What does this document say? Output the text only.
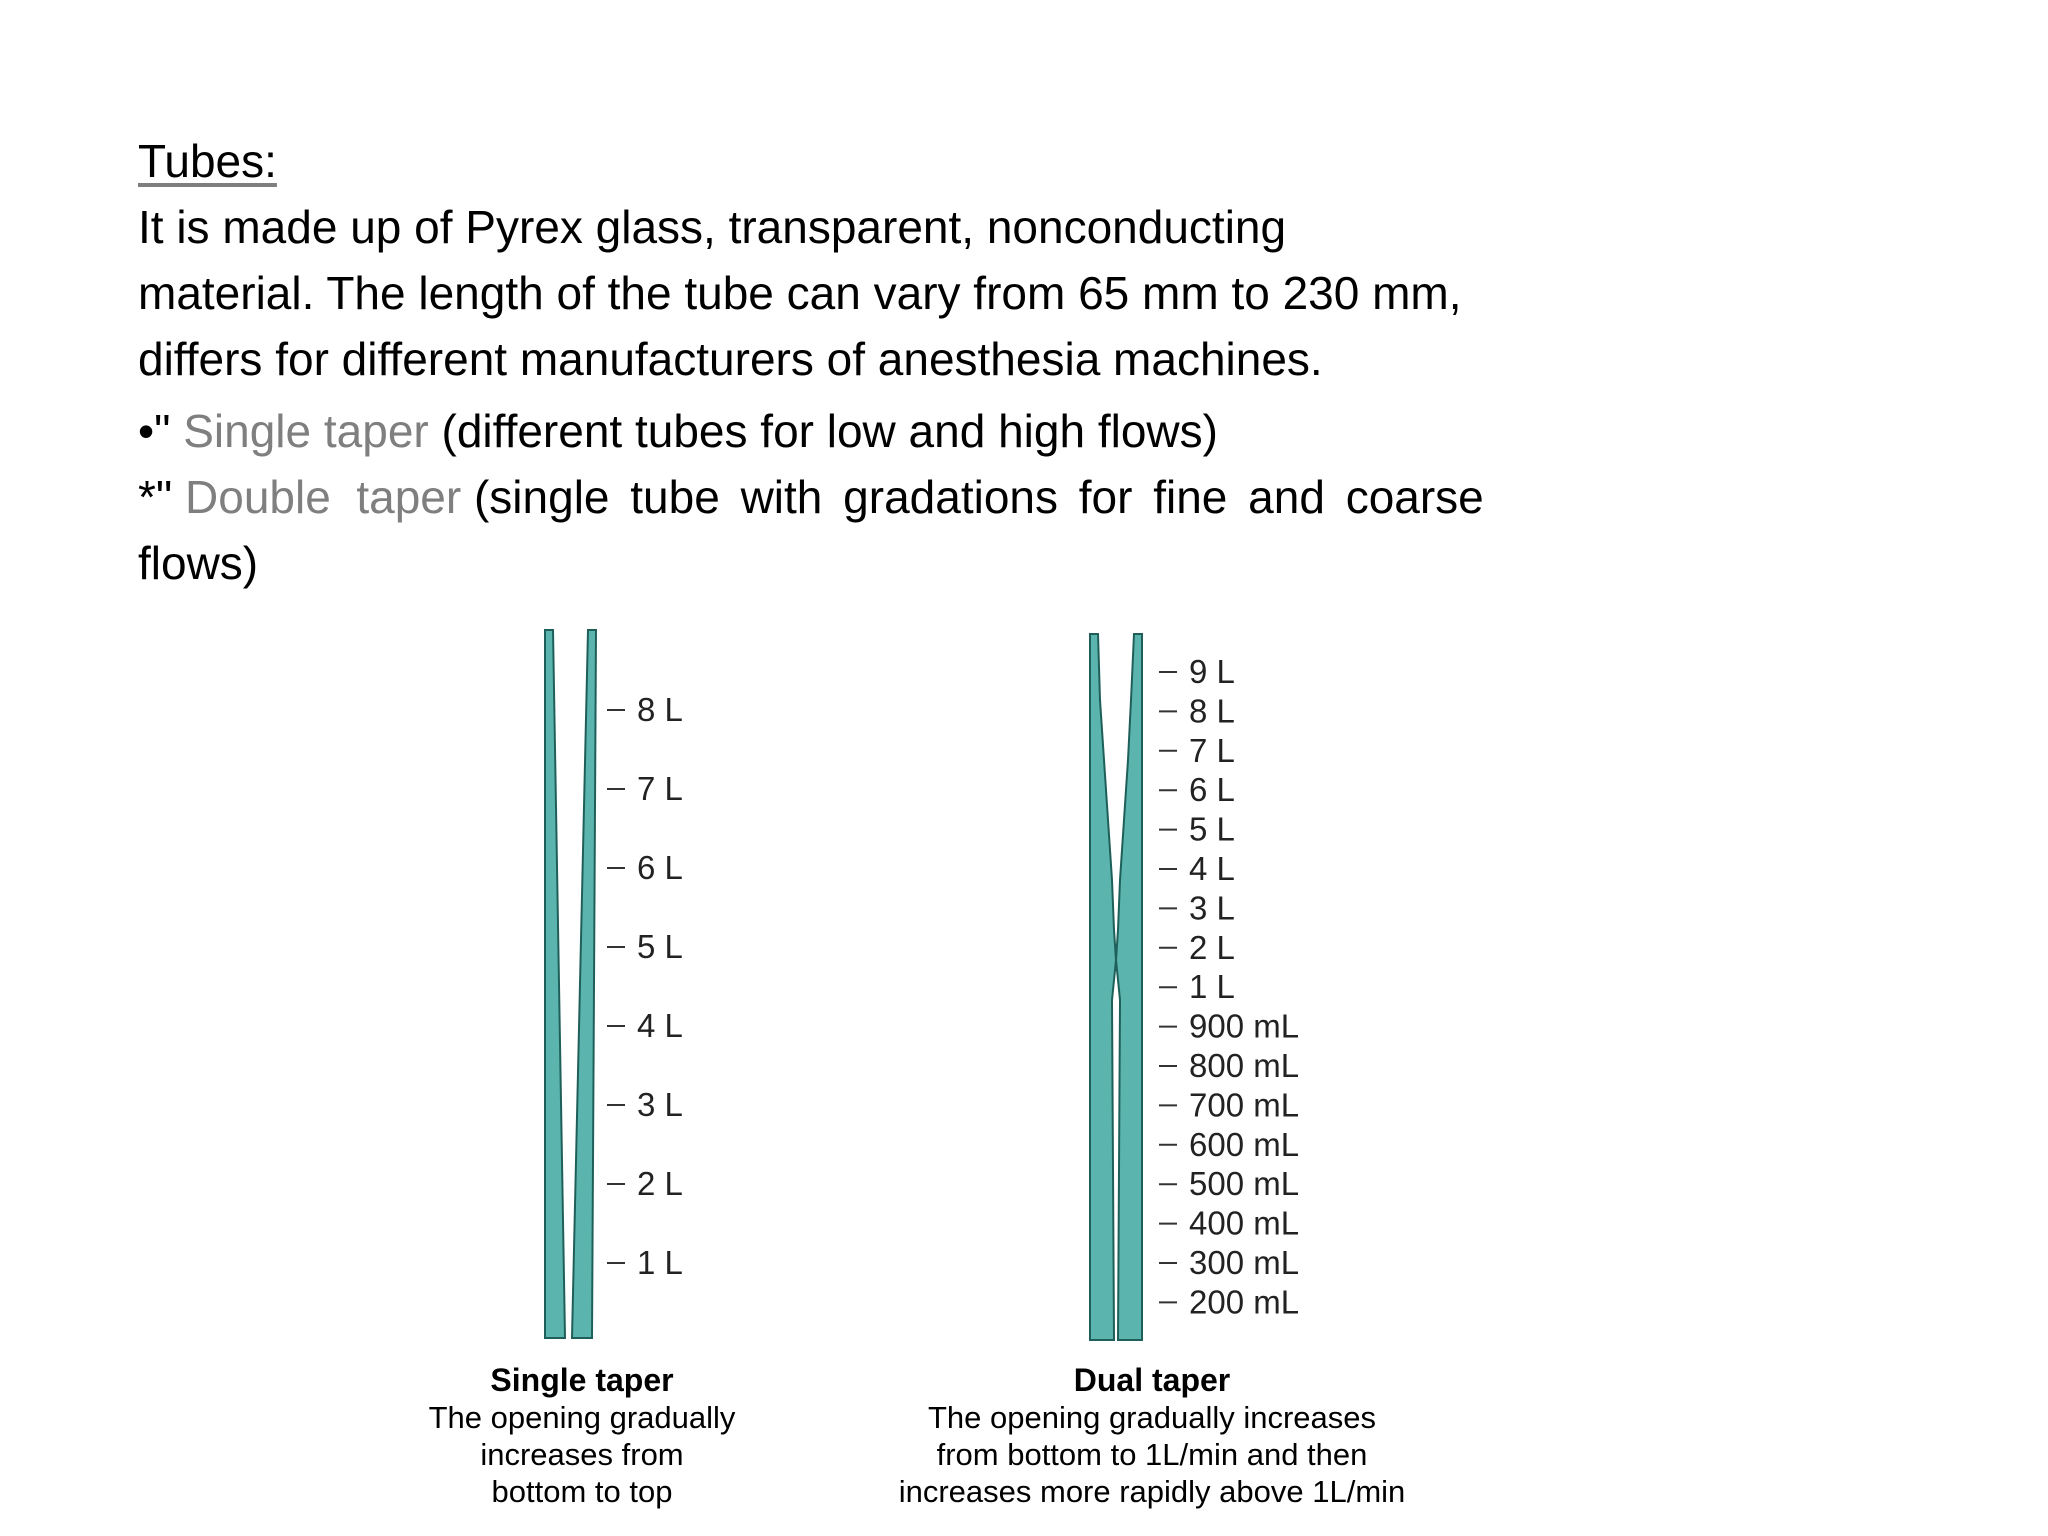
Tubes:
It is made up of Pyrex glass, transparent, nonconducting
material. The length of the tube can vary from 65 mm to 230 mm,
differs for different manufacturers of anesthesia machines.
•" Single taper (different tubes for low and high flows)
*" Double  taper (single tube with gradations for fine and coarse
flows)
8 L
7 L
6 L
5 L
4 L
3 L
2 L
1 L
9 L
8 L
7 L
6 L
5 L
4 L
3 L
2 L
1 L
900 mL
800 mL
700 mL
600 mL
500 mL
400 mL
300 mL
200 mL
Single taper
The opening gradually
increases from
bottom to top
Dual taper
The opening gradually increases
from bottom to 1L/min and then
increases more rapidly above 1L/min
